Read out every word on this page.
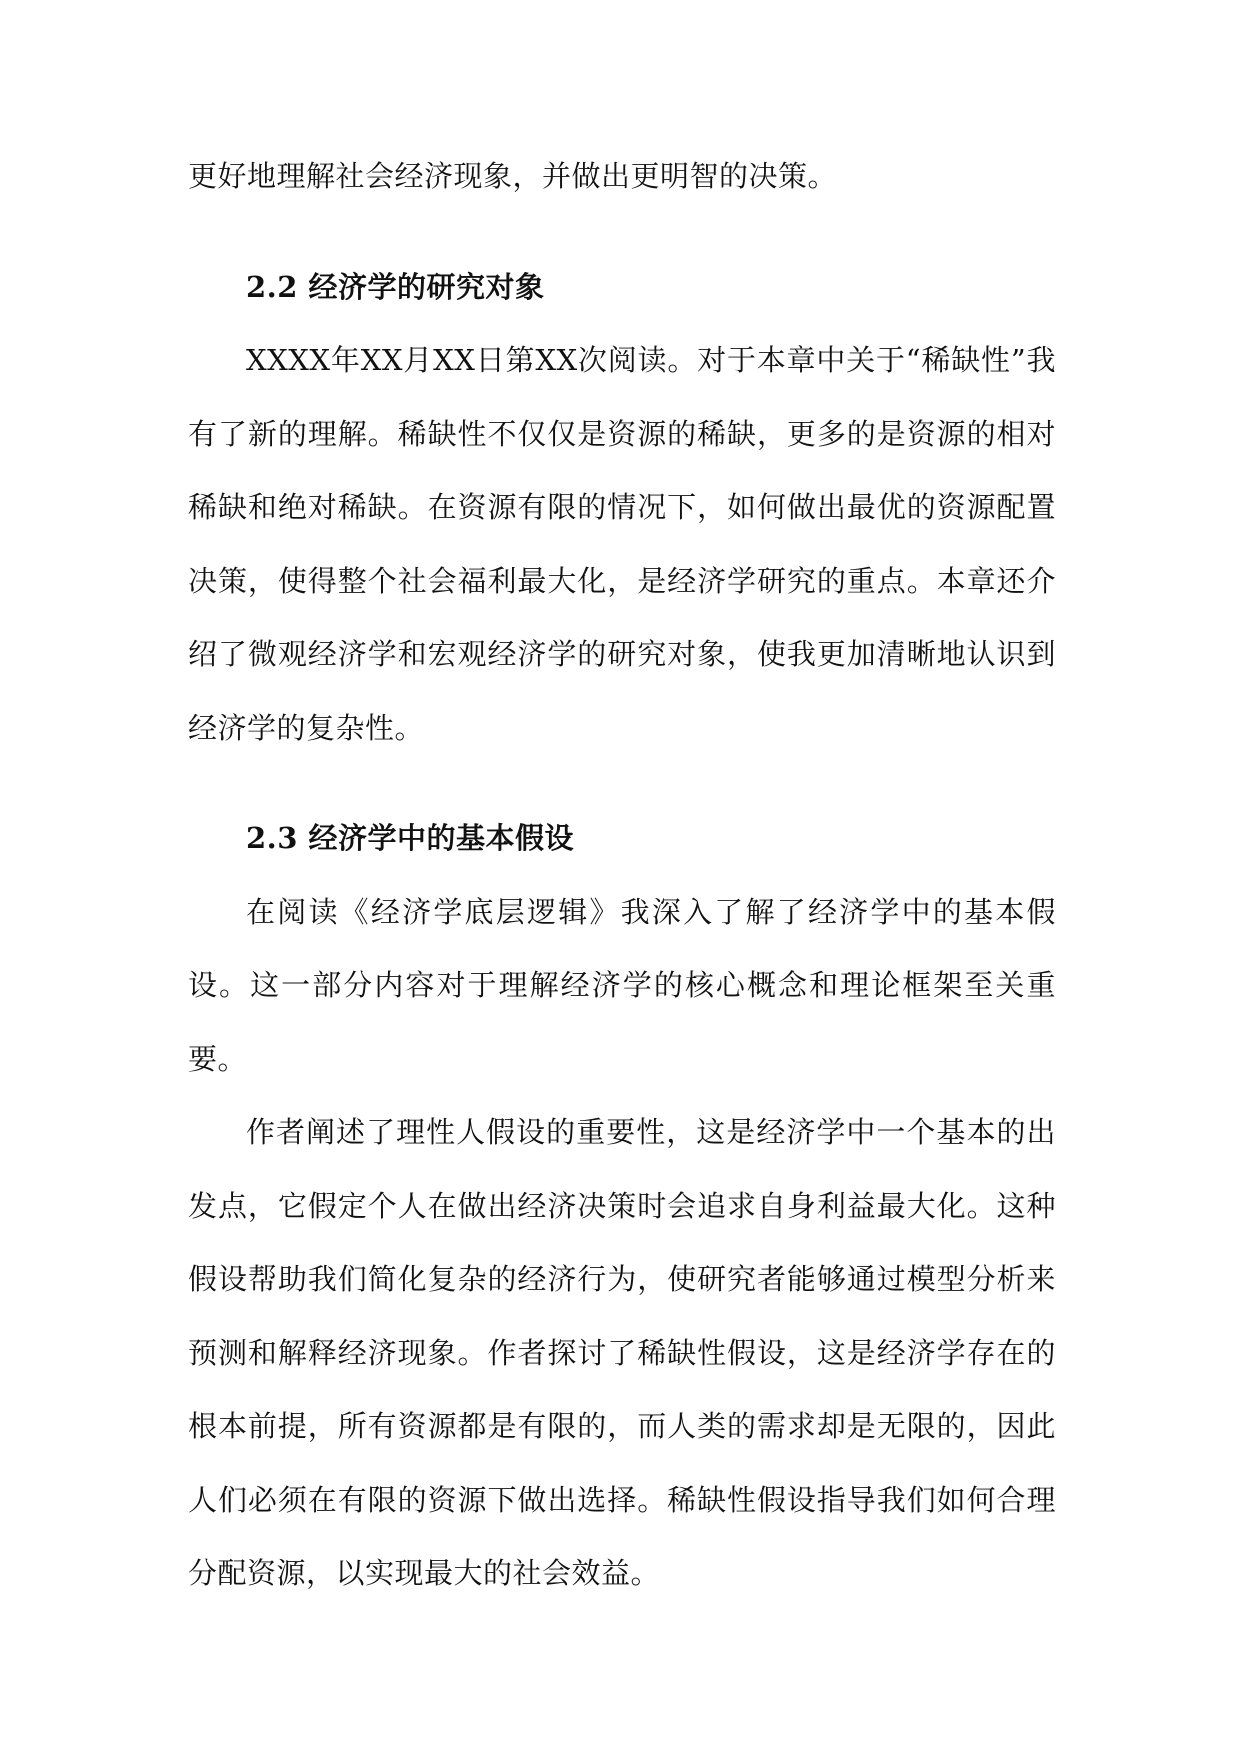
更好地理解社会经济现象，并做出更明智的决策。

2.2 经济学的研究对象

XXXX年XX月XX日第XX次阅读。对于本章中关于“稀缺性”我有了新的理解。稀缺性不仅仅是资源的稀缺，更多的是资源的相对稀缺和绝对稀缺。在资源有限的情况下，如何做出最优的资源配置决策，使得整个社会福利最大化，是经济学研究的重点。本章还介绍了微观经济学和宏观经济学的研究对象，使我更加清晰地认识到经济学的复杂性。

2.3 经济学中的基本假设

在阅读《经济学底层逻辑》我深入了解了经济学中的基本假设。这一部分内容对于理解经济学的核心概念和理论框架至关重要。

作者阐述了理性人假设的重要性，这是经济学中一个基本的出发点，它假定个人在做出经济决策时会追求自身利益最大化。这种假设帮助我们简化复杂的经济行为，使研究者能够通过模型分析来预测和解释经济现象。作者探讨了稀缺性假设，这是经济学存在的根本前提，所有资源都是有限的，而人类的需求却是无限的，因此人们必须在有限的资源下做出选择。稀缺性假设指导我们如何合理分配资源，以实现最大的社会效益。
